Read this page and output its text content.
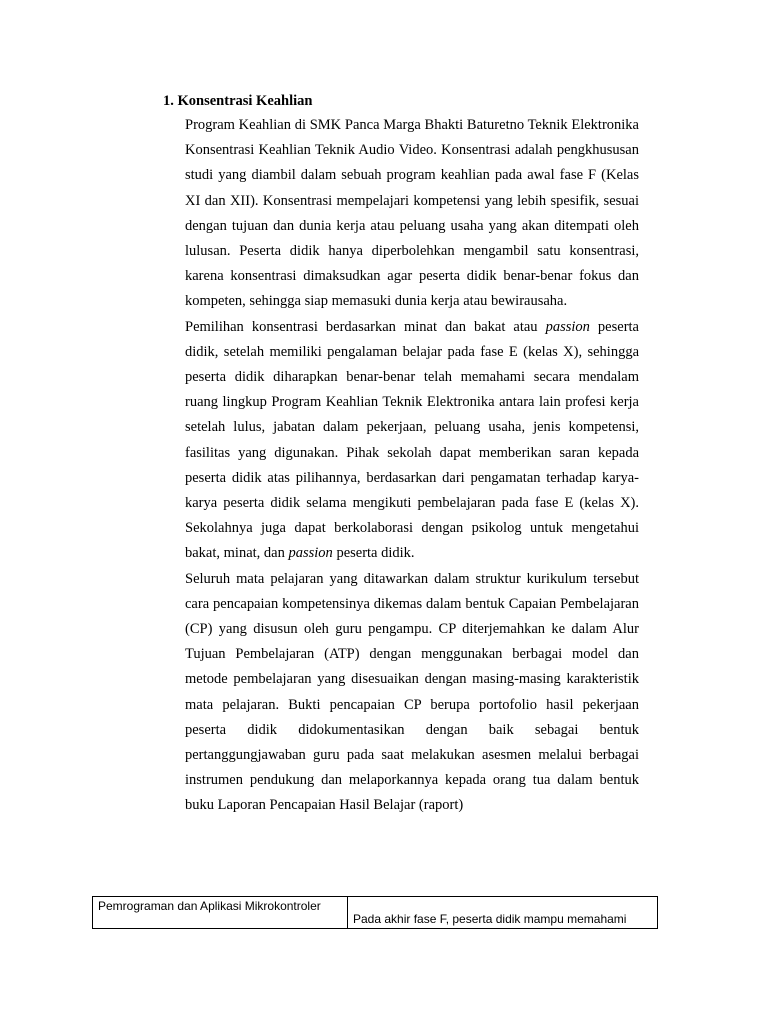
1. Konsentrasi Keahlian

Program Keahlian di SMK Panca Marga Bhakti Baturetno Teknik Elektronika Konsentrasi Keahlian Teknik Audio Video. Konsentrasi adalah pengkhususan studi yang diambil dalam sebuah program keahlian pada awal fase F (Kelas XI dan XII). Konsentrasi mempelajari kompetensi yang lebih spesifik, sesuai dengan tujuan dan dunia kerja atau peluang usaha yang akan ditempati oleh lulusan. Peserta didik hanya diperbolehkan mengambil satu konsentrasi, karena konsentrasi dimaksudkan agar peserta didik benar-benar fokus dan kompeten, sehingga siap memasuki dunia kerja atau bewirausaha.

Pemilihan konsentrasi berdasarkan minat dan bakat atau passion peserta didik, setelah memiliki pengalaman belajar pada fase E (kelas X), sehingga peserta didik diharapkan benar-benar telah memahami secara mendalam ruang lingkup Program Keahlian Teknik Elektronika antara lain profesi kerja setelah lulus, jabatan dalam pekerjaan, peluang usaha, jenis kompetensi, fasilitas yang digunakan. Pihak sekolah dapat memberikan saran kepada peserta didik atas pilihannya, berdasarkan dari pengamatan terhadap karya-karya peserta didik selama mengikuti pembelajaran pada fase E (kelas X). Sekolahnya juga dapat berkolaborasi dengan psikolog untuk mengetahui bakat, minat, dan passion peserta didik.

Seluruh mata pelajaran yang ditawarkan dalam struktur kurikulum tersebut cara pencapaian kompetensinya dikemas dalam bentuk Capaian Pembelajaran (CP) yang disusun oleh guru pengampu. CP diterjemahkan ke dalam Alur Tujuan Pembelajaran (ATP) dengan menggunakan berbagai model dan metode pembelajaran yang disesuaikan dengan masing-masing karakteristik mata pelajaran. Bukti pencapaian CP berupa portofolio hasil pekerjaan peserta didik didokumentasikan dengan baik sebagai bentuk pertanggungjawaban guru pada saat melakukan asesmen melalui berbagai instrumen pendukung dan melaporkannya kepada orang tua dalam bentuk buku Laporan Pencapaian Hasil Belajar (raport)

Pemrograman dan Aplikasi Mikrokontroler
Pada akhir fase F, peserta didik mampu memahami
